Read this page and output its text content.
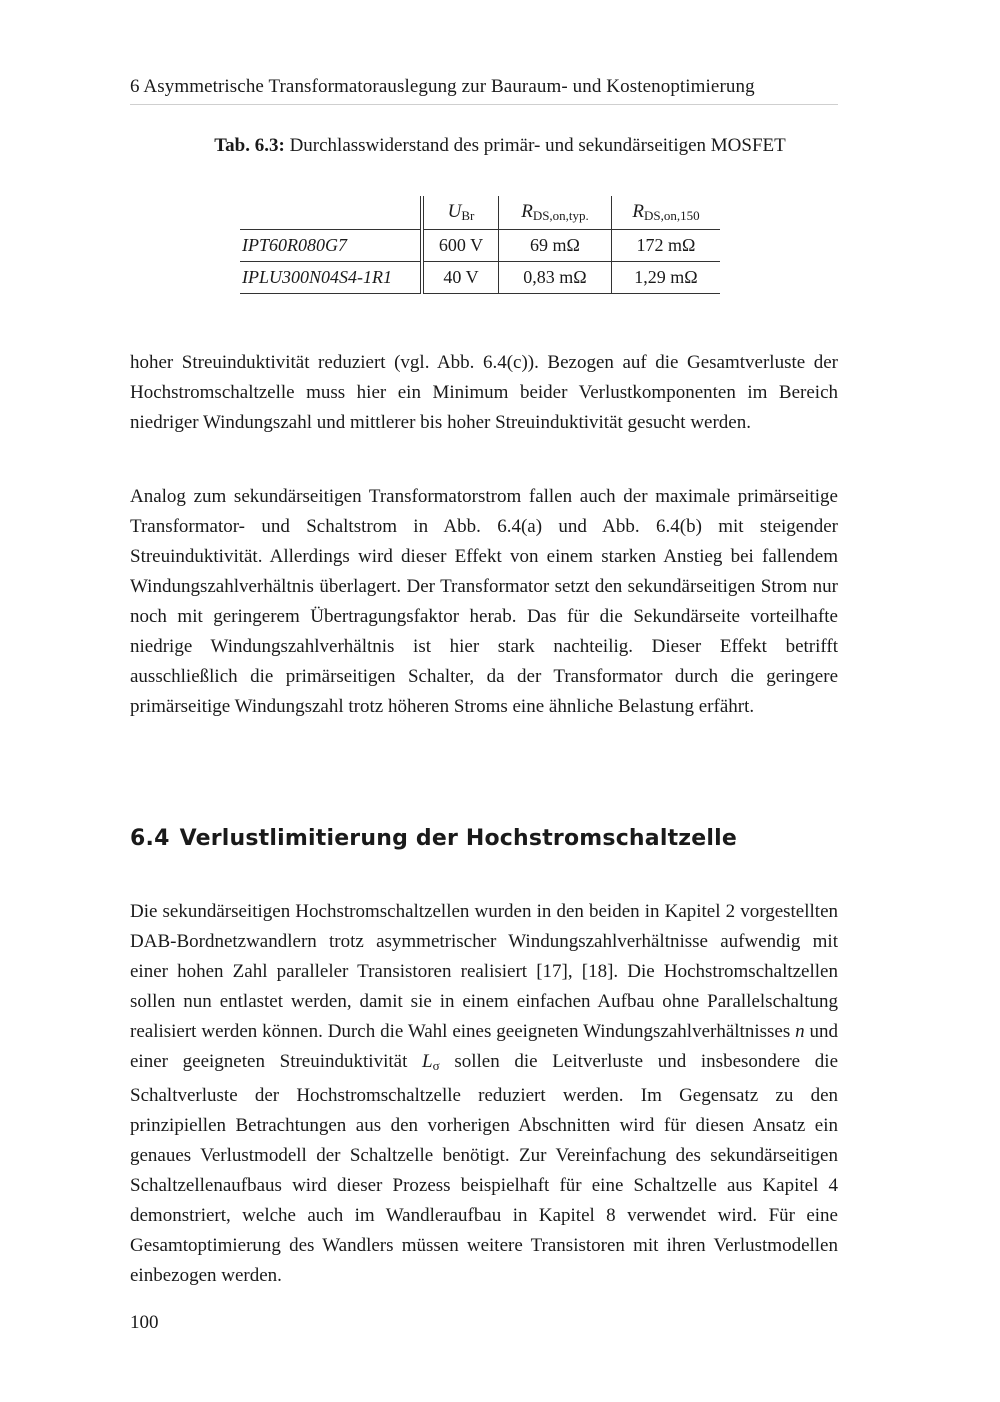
6 Asymmetrische Transformatorauslegung zur Bauraum- und Kostenoptimierung
Tab. 6.3: Durchlasswiderstand des primär- und sekundärseitigen MOSFET
	$U_{Br}$	$R_{DS,on,typ.}$	$R_{DS,on,150}$
IPT60R080G7	600 V	69 mΩ	172 mΩ
IPLU300N04S4-1R1	40 V	0,83 mΩ	1,29 mΩ

hoher Streuinduktivität reduziert (vgl. Abb. 6.4(c)). Bezogen auf die Gesamtverluste der Hochstromschaltzelle muss hier ein Minimum beider Verlustkomponenten im Bereich niedriger Windungszahl und mittlerer bis hoher Streuinduktivität gesucht werden.

Analog zum sekundärseitigen Transformatorstrom fallen auch der maximale primärseitige Transformator- und Schaltstrom in Abb. 6.4(a) und Abb. 6.4(b) mit steigender Streuinduktivität. Allerdings wird dieser Effekt von einem starken Anstieg bei fallendem Windungszahlverhältnis überlagert. Der Transformator setzt den sekundärseitigen Strom nur noch mit geringerem Übertragungsfaktor herab. Das für die Sekundärseite vorteilhafte niedrige Windungszahlverhältnis ist hier stark nachteilig. Dieser Effekt betrifft ausschließlich die primärseitigen Schalter, da der Transformator durch die geringere primärseitige Windungszahl trotz höheren Stroms eine ähnliche Belastung erfährt.

6.4 Verlustlimitierung der Hochstromschaltzelle

Die sekundärseitigen Hochstromschaltzellen wurden in den beiden in Kapitel 2 vorgestellten DAB-Bordnetzwandlern trotz asymmetrischer Windungszahlverhältnisse aufwendig mit einer hohen Zahl paralleler Transistoren realisiert [17], [18]. Die Hochstromschaltzellen sollen nun entlastet werden, damit sie in einem einfachen Aufbau ohne Parallelschaltung realisiert werden können. Durch die Wahl eines geeigneten Windungszahlverhältnisses n und einer geeigneten Streuinduktivität $L_\sigma$ sollen die Leitverluste und insbesondere die Schaltverluste der Hochstromschaltzelle reduziert werden. Im Gegensatz zu den prinzipiellen Betrachtungen aus den vorherigen Abschnitten wird für diesen Ansatz ein genaues Verlustmodell der Schaltzelle benötigt. Zur Vereinfachung des sekundärseitigen Schaltzellenaufbaus wird dieser Prozess beispielhaft für eine Schaltzelle aus Kapitel 4 demonstriert, welche auch im Wandleraufbau in Kapitel 8 verwendet wird. Für eine Gesamtoptimierung des Wandlers müssen weitere Transistoren mit ihren Verlustmodellen einbezogen werden.

100
